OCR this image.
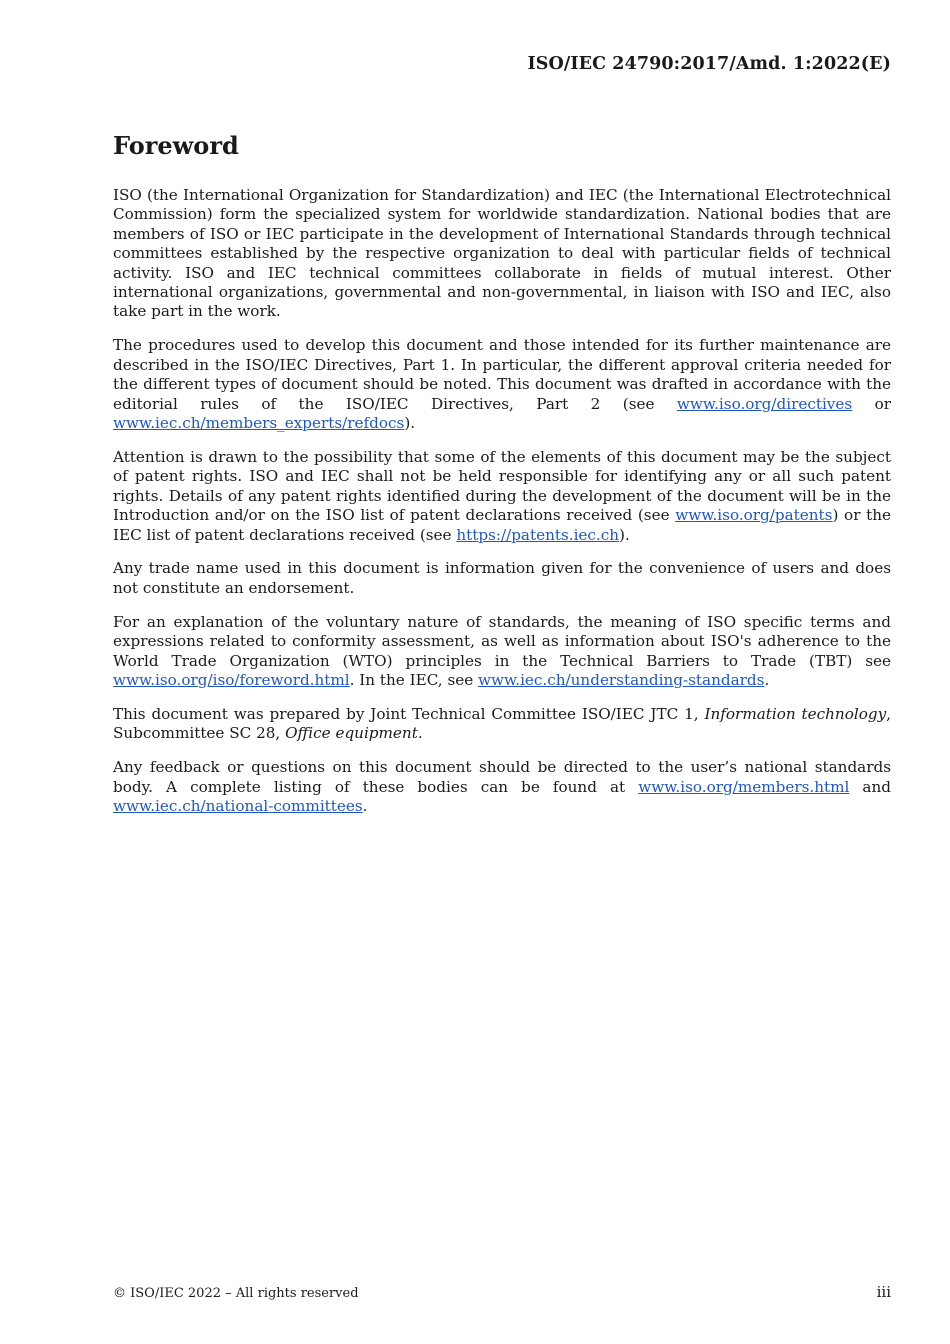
ISO/IEC 24790:2017/Amd. 1:2022(E)
Foreword

ISO (the International Organization for Standardization) and IEC (the International Electrotechnical Commission) form the specialized system for worldwide standardization. National bodies that are members of ISO or IEC participate in the development of International Standards through technical committees established by the respective organization to deal with particular fields of technical activity. ISO and IEC technical committees collaborate in fields of mutual interest. Other international organizations, governmental and non-governmental, in liaison with ISO and IEC, also take part in the work.

The procedures used to develop this document and those intended for its further maintenance are described in the ISO/IEC Directives, Part 1. In particular, the different approval criteria needed for the different types of document should be noted. This document was drafted in accordance with the editorial rules of the ISO/IEC Directives, Part 2 (see www.iso.org/directives or www.iec.ch/members_experts/refdocs).

Attention is drawn to the possibility that some of the elements of this document may be the subject of patent rights. ISO and IEC shall not be held responsible for identifying any or all such patent rights. Details of any patent rights identified during the development of the document will be in the Introduction and/or on the ISO list of patent declarations received (see www.iso.org/patents) or the IEC list of patent declarations received (see https://patents.iec.ch).

Any trade name used in this document is information given for the convenience of users and does not constitute an endorsement.

For an explanation of the voluntary nature of standards, the meaning of ISO specific terms and expressions related to conformity assessment, as well as information about ISO's adherence to the World Trade Organization (WTO) principles in the Technical Barriers to Trade (TBT) see www.iso.org/iso/foreword.html. In the IEC, see www.iec.ch/understanding-standards.

This document was prepared by Joint Technical Committee ISO/IEC JTC 1, Information technology, Subcommittee SC 28, Office equipment.

Any feedback or questions on this document should be directed to the user’s national standards body. A complete listing of these bodies can be found at www.iso.org/members.html and www.iec.ch/national-committees.

© ISO/IEC 2022 – All rights reserved	iii
